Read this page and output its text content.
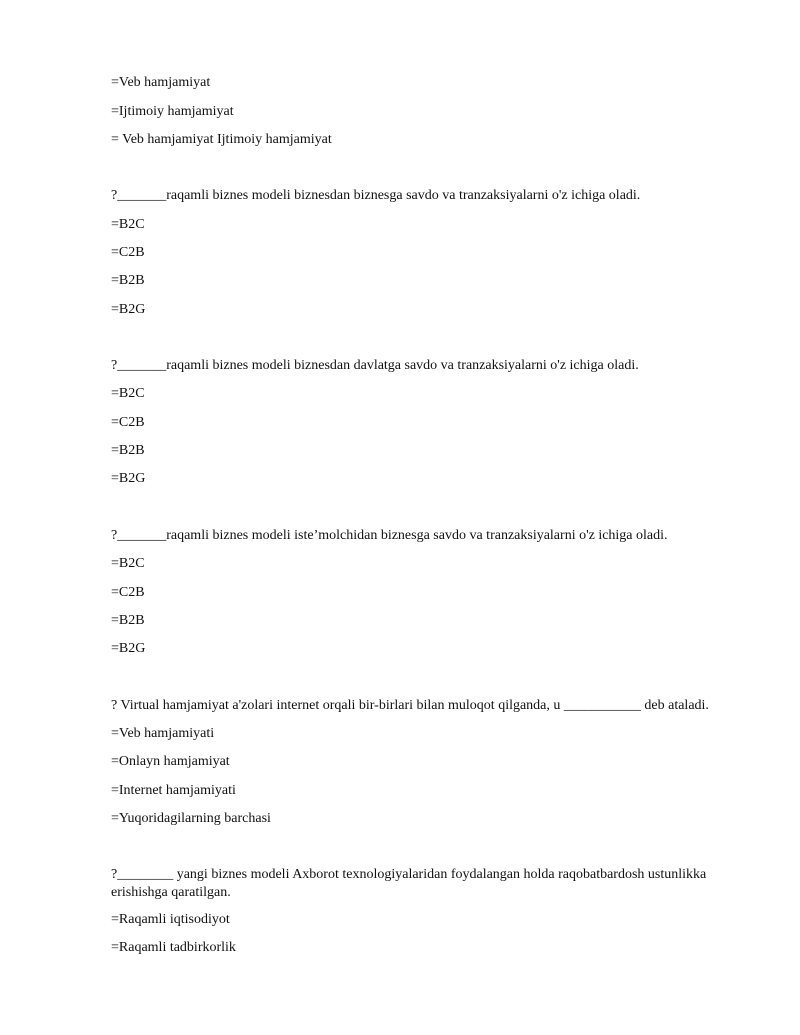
=Veb hamjamiyat
=Ijtimoiy hamjamiyat
= Veb hamjamiyat Ijtimoiy hamjamiyat
?_______raqamli biznes modeli biznesdan biznesga savdo va tranzaksiyalarni o'z ichiga oladi.
=B2C
=C2B
=B2B
=B2G
?_______raqamli biznes modeli biznesdan davlatga savdo va tranzaksiyalarni o'z ichiga oladi.
=B2C
=C2B
=B2B
=B2G
?_______raqamli biznes modeli iste’molchidan biznesga savdo va tranzaksiyalarni o'z ichiga oladi.
=B2C
=C2B
=B2B
=B2G
? Virtual hamjamiyat a'zolari internet orqali bir-birlari bilan muloqot qilganda, u ___________ deb ataladi.
=Veb hamjamiyati
=Onlayn hamjamiyat
=Internet hamjamiyati
=Yuqoridagilarning barchasi
?________ yangi biznes modeli Axborot texnologiyalaridan foydalangan holda raqobatbardosh ustunlikka erishishga qaratilgan.
=Raqamli iqtisodiyot
=Raqamli tadbirkorlik
